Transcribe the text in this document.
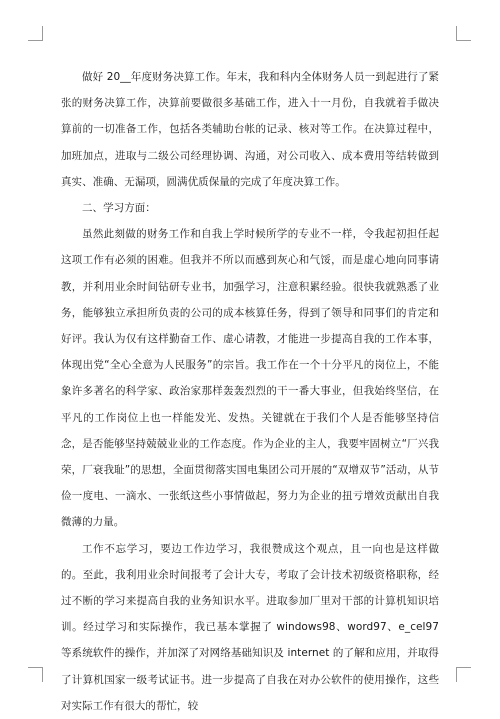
做好 20__年度财务决算工作。年末，我和科内全体财务人员一到起进行了紧张的财务决算工作，决算前要做很多基础工作，进入十一月份，自我就着手做决算前的一切准备工作，包括各类辅助台帐的记录、核对等工作。在决算过程中，加班加点，进取与二级公司经理协调、沟通，对公司收入、成本费用等结转做到真实、准确、无漏项，圆满优质保量的完成了年度决算工作。

二、学习方面：

虽然此刻做的财务工作和自我上学时候所学的专业不一样，令我起初担任起这项工作有必须的困难。但我并不所以而感到灰心和气馁，而是虚心地向同事请教，并利用业余时间钻研专业书，加强学习，注意积累经验。很快我就熟悉了业务，能够独立承担所负责的公司的成本核算任务，得到了领导和同事们的肯定和好评。我认为仅有这样勤奋工作、虚心请教，才能进一步提高自我的工作本事，体现出党“全心全意为人民服务”的宗旨。我工作在一个十分平凡的岗位上，不能象许多著名的科学家、政治家那样轰轰烈烈的干一番大事业，但我始终坚信，在平凡的工作岗位上也一样能发光、发热。关键就在于我们个人是否能够坚持信念，是否能够坚持兢兢业业的工作态度。作为企业的主人，我要牢固树立“厂兴我荣，厂衰我耻”的思想，全面贯彻落实国电集团公司开展的“双增双节”活动，从节俭一度电、一滴水、一张纸这些小事情做起，努力为企业的扭亏增效贡献出自我微薄的力量。

工作不忘学习，要边工作边学习，我很赞成这个观点，且一向也是这样做的。至此，我利用业余时间报考了会计大专，考取了会计技术初级资格职称，经过不断的学习来提高自我的业务知识水平。进取参加厂里对干部的计算机知识培训。经过学习和实际操作，我已基本掌握了 windows98、word97、e_cel97 等系统软件的操作，并加深了对网络基础知识及 internet 的了解和应用，并取得了计算机国家一级考试证书。进一步提高了自我在对办公软件的使用操作，这些对实际工作有很大的帮忙，较
